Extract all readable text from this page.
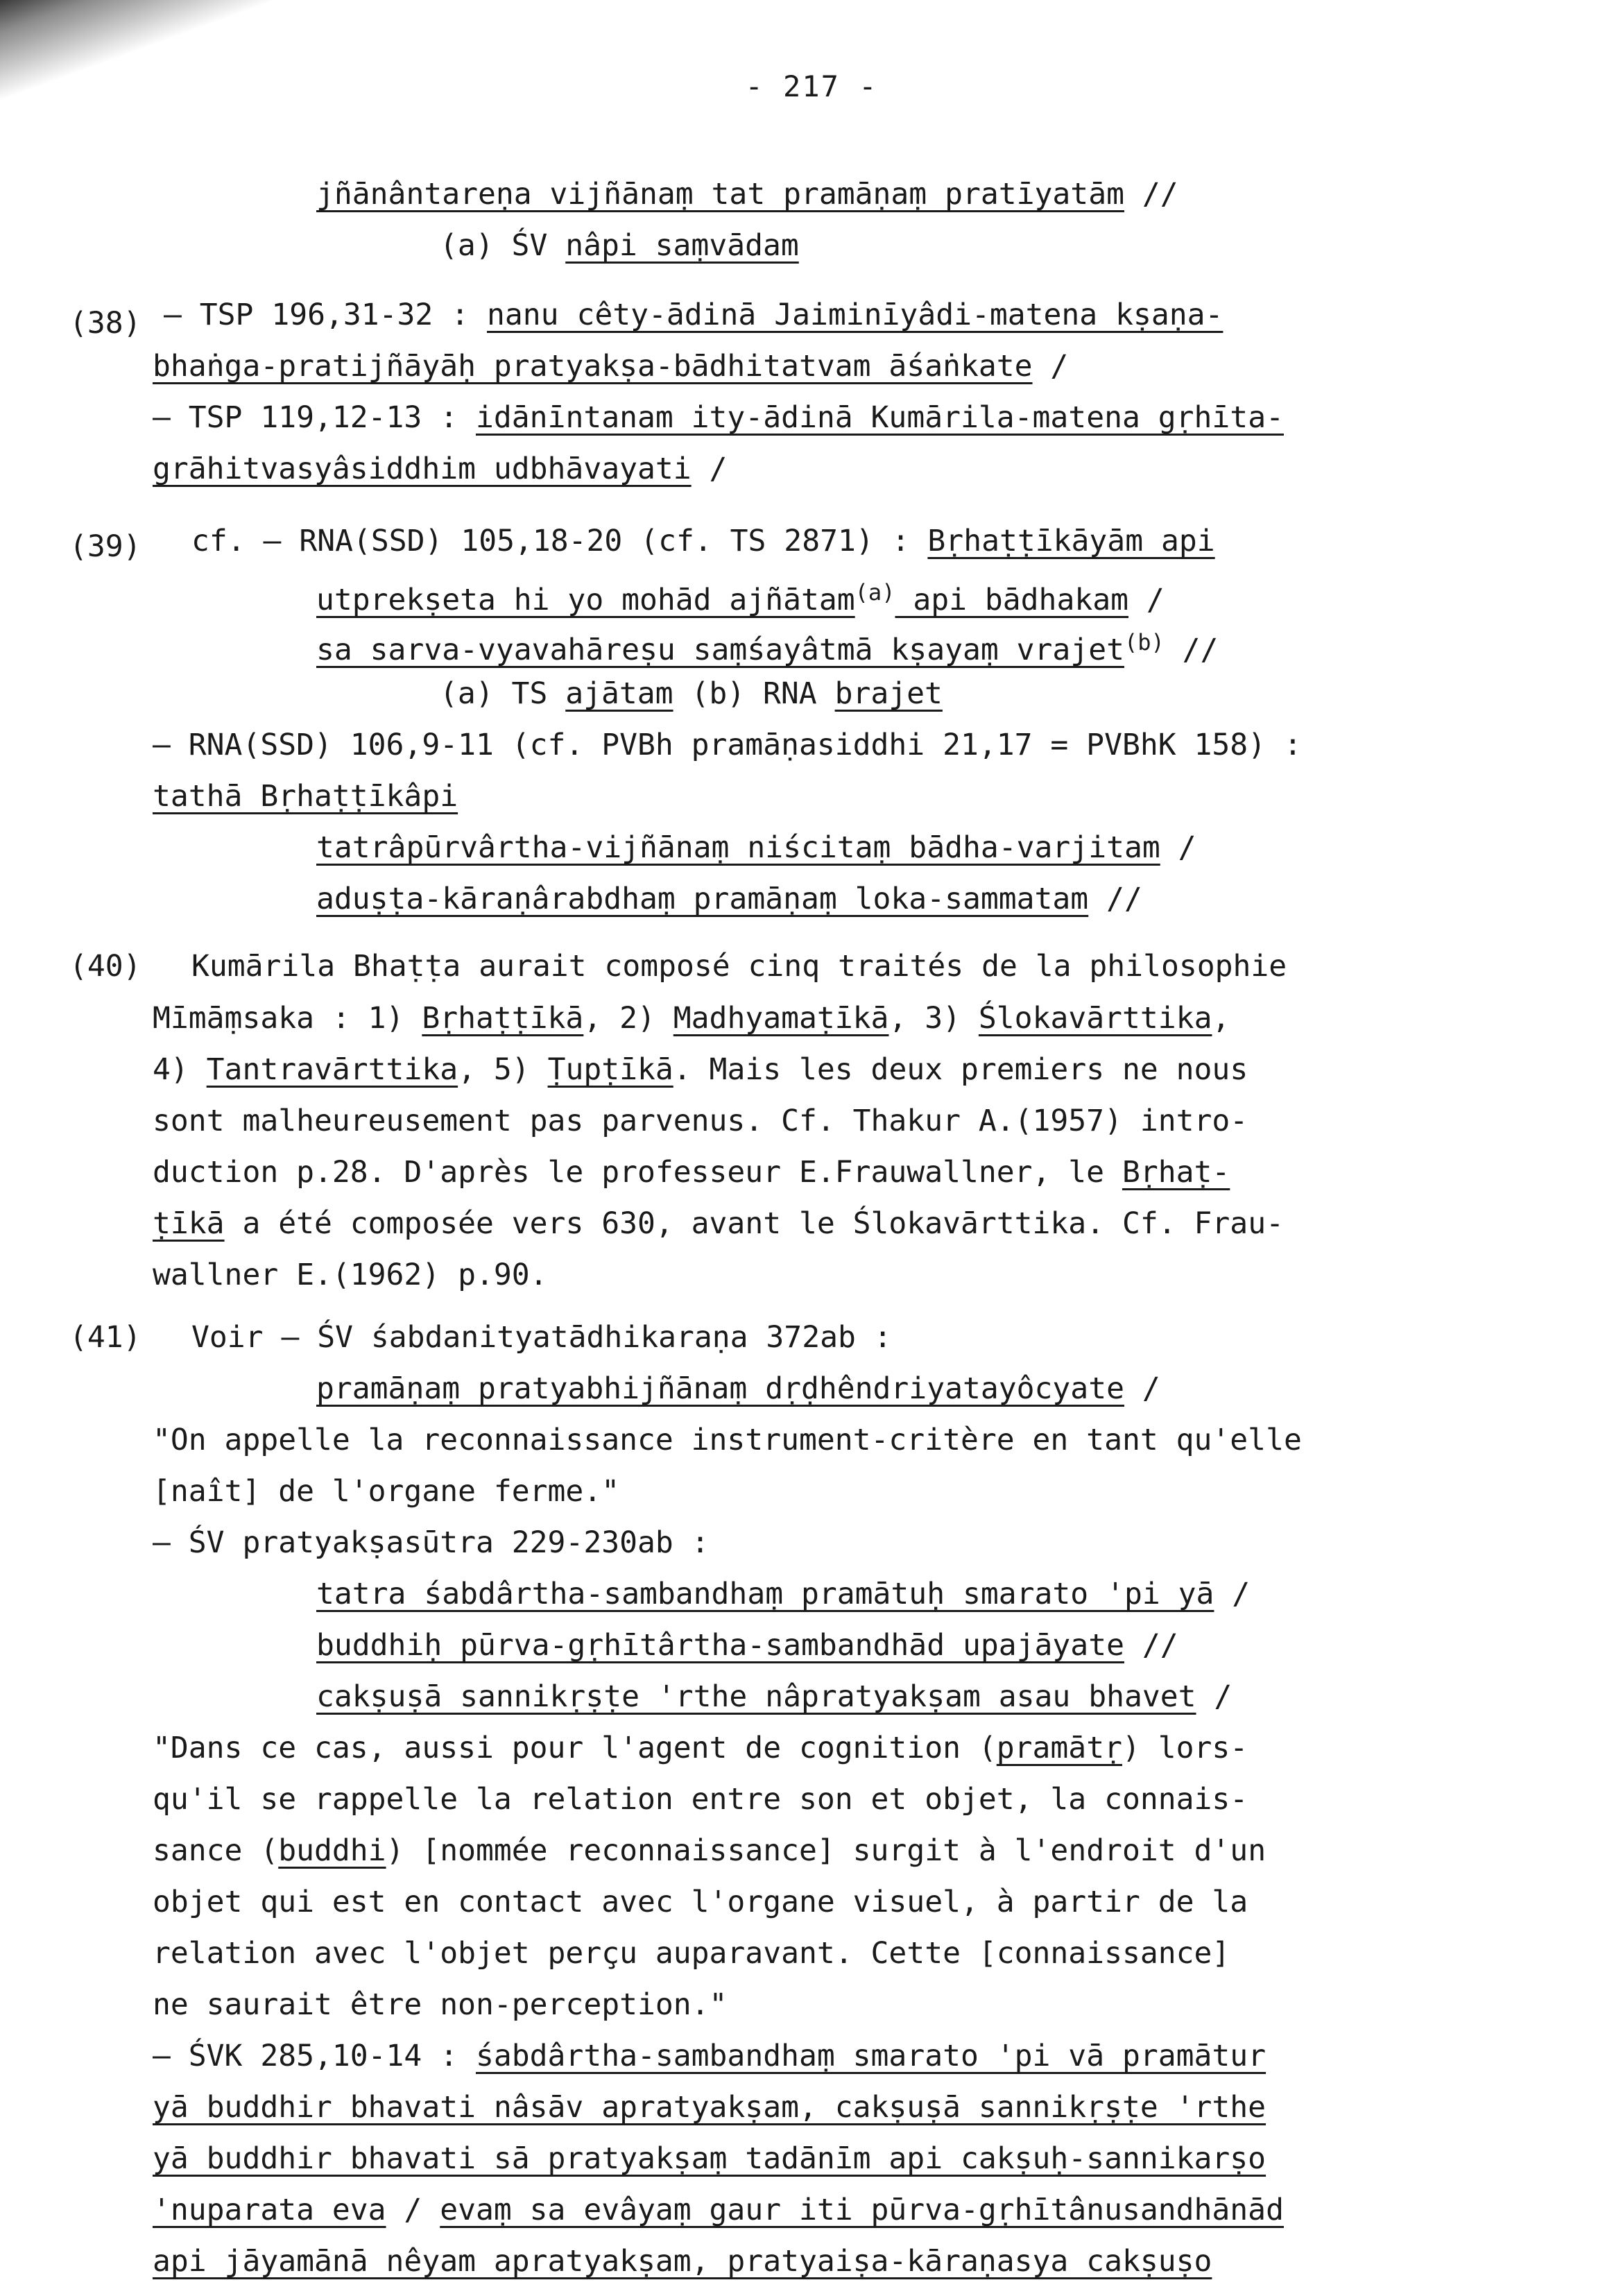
- 217 -
(38)
(39)
(40)
(41)
jñānântareṇa vijñānaṃ tat pramāṇaṃ pratīyatām //
(a) ŚV nâpi saṃvādam
– TSP 196,31-32 : nanu cêty-ādinā Jaiminīyâdi-matena kṣaṇa-
bhaṅga-pratijñāyāḥ pratyakṣa-bādhitatvam āśaṅkate /
– TSP 119,12-13 : idānīntanam ity-ādinā Kumārila-matena gṛhīta-
grāhitvasyâsiddhim udbhāvayati /
cf. – RNA(SSD) 105,18-20 (cf. TS 2871) : Bṛhaṭṭīkāyām api
utprekṣeta hi yo mohād ajñātam$^{(a)}$ api bādhakam /
sa sarva-vyavahāreṣu saṃśayâtmā kṣayaṃ vrajet$^{(b)}$ //
(a) TS ajātam (b) RNA brajet
– RNA(SSD) 106,9-11 (cf. PVBh pramāṇasiddhi 21,17 = PVBhK 158) :
tathā Bṛhaṭṭīkâpi
tatrâpūrvârtha-vijñānaṃ niścitaṃ bādha-varjitam /
aduṣṭa-kāraṇârabdhaṃ pramāṇaṃ loka-sammatam //
Kumārila Bhaṭṭa aurait composé cinq traités de la philosophie
Mīmāṃsaka : 1) Bṛhaṭṭīkā, 2) Madhyamaṭīkā, 3) Ślokavārttika,
4) Tantravārttika, 5) Ṭupṭīkā. Mais les deux premiers ne nous
sont malheureusement pas parvenus. Cf. Thakur A.(1957) intro-
duction p.28. D'après le professeur E.Frauwallner, le Bṛhaṭ-
ṭīkā a été composée vers 630, avant le Ślokavārttika. Cf. Frau-
wallner E.(1962) p.90.
Voir – ŚV śabdanityatādhikaraṇa 372ab :
pramāṇaṃ pratyabhijñānaṃ dṛḍhêndriyatayôcyate /
"On appelle la reconnaissance instrument-critère en tant qu'elle
[naît] de l'organe ferme."
– ŚV pratyakṣasūtra 229-230ab :
tatra śabdârtha-sambandhaṃ pramātuḥ smarato 'pi yā /
buddhiḥ pūrva-gṛhītârtha-sambandhād upajāyate //
cakṣuṣā sannikṛṣṭe 'rthe nâpratyakṣam asau bhavet /
"Dans ce cas, aussi pour l'agent de cognition (pramātṛ) lors-
qu'il se rappelle la relation entre son et objet, la connais-
sance (buddhi) [nommée reconnaissance] surgit à l'endroit d'un
objet qui est en contact avec l'organe visuel, à partir de la
relation avec l'objet perçu auparavant. Cette [connaissance]
ne saurait être non-perception."
– ŚVK 285,10-14 : śabdârtha-sambandhaṃ smarato 'pi vā pramātur
yā buddhir bhavati nâsāv apratyakṣam, cakṣuṣā sannikṛṣṭe 'rthe
yā buddhir bhavati sā pratyakṣaṃ tadānīm api cakṣuḥ-sannikarṣo
'nuparata eva / evaṃ sa evâyaṃ gaur iti pūrva-gṛhītânusandhānād
api jāyamānā nêyam apratyakṣam, pratyaiṣa-kāraṇasya cakṣuṣo
